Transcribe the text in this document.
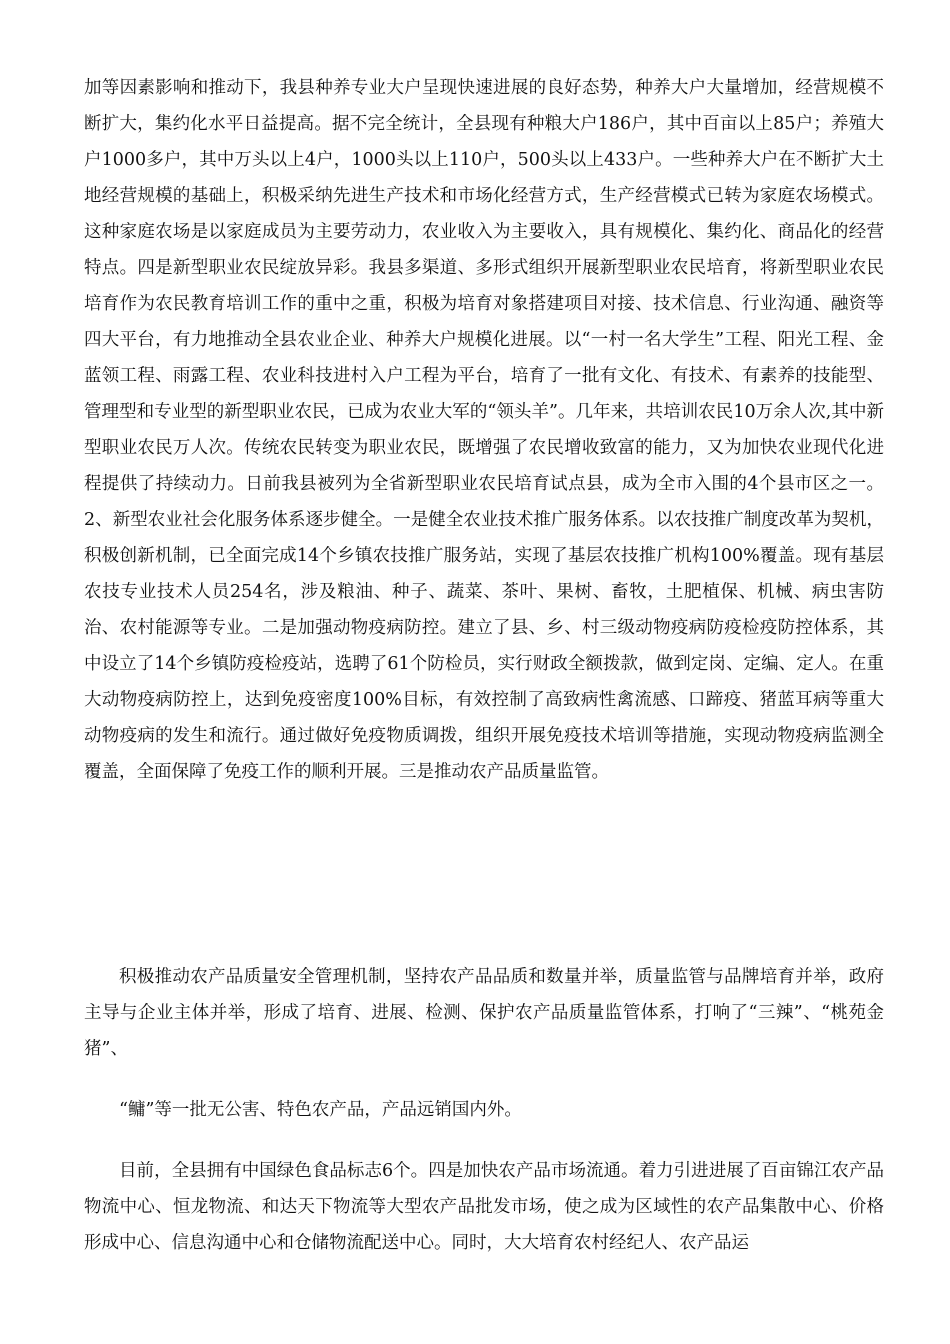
加等因素影响和推动下，我县种养专业大户呈现快速进展的良好态势，种养大户大量增加，经营规模不断扩大，集约化水平日益提高。据不完全统计，全县现有种粮大户186户，其中百亩以上85户；养殖大户1000多户，其中万头以上4户，1000头以上110户，500头以上433户。一些种养大户在不断扩大土地经营规模的基础上，积极采纳先进生产技术和市场化经营方式，生产经营模式已转为家庭农场模式。这种家庭农场是以家庭成员为主要劳动力，农业收入为主要收入，具有规模化、集约化、商品化的经营特点。四是新型职业农民绽放异彩。我县多渠道、多形式组织开展新型职业农民培育，将新型职业农民培育作为农民教育培训工作的重中之重，积极为培育对象搭建项目对接、技术信息、行业沟通、融资等四大平台，有力地推动全县农业企业、种养大户规模化进展。以“一村一名大学生”工程、阳光工程、金蓝领工程、雨露工程、农业科技进村入户工程为平台，培育了一批有文化、有技术、有素养的技能型、管理型和专业型的新型职业农民，已成为农业大军的“领头羊”。几年来，共培训农民10万余人次,其中新型职业农民万人次。传统农民转变为职业农民，既增强了农民增收致富的能力，又为加快农业现代化进程提供了持续动力。日前我县被列为全省新型职业农民培育试点县，成为全市入围的4个县市区之一。2、新型农业社会化服务体系逐步健全。一是健全农业技术推广服务体系。以农技推广制度改革为契机，积极创新机制，已全面完成14个乡镇农技推广服务站，实现了基层农技推广机构100%覆盖。现有基层农技专业技术人员254名，涉及粮油、种子、蔬菜、茶叶、果树、畜牧，土肥植保、机械、病虫害防治、农村能源等专业。二是加强动物疫病防控。建立了县、乡、村三级动物疫病防疫检疫防控体系，其中设立了14个乡镇防疫检疫站，选聘了61个防检员，实行财政全额拨款，做到定岗、定编、定人。在重大动物疫病防控上，达到免疫密度100%目标，有效控制了高致病性禽流感、口蹄疫、猪蓝耳病等重大动物疫病的发生和流行。通过做好免疫物质调拨，组织开展免疫技术培训等措施，实现动物疫病监测全覆盖，全面保障了免疫工作的顺利开展。三是推动农产品质量监管。

积极推动农产品质量安全管理机制，坚持农产品品质和数量并举，质量监管与品牌培育并举，政府主导与企业主体并举，形成了培育、进展、检测、保护农产品质量监管体系，打响了“三辣”、“桃苑金猪”、

“鳙”等一批无公害、特色农产品，产品远销国内外。

目前，全县拥有中国绿色食品标志6个。四是加快农产品市场流通。着力引进进展了百亩锦江农产品物流中心、恒龙物流、和达天下物流等大型农产品批发市场，使之成为区域性的农产品集散中心、价格形成中心、信息沟通中心和仓储物流配送中心。同时，大大培育农村经纪人、农产品运
